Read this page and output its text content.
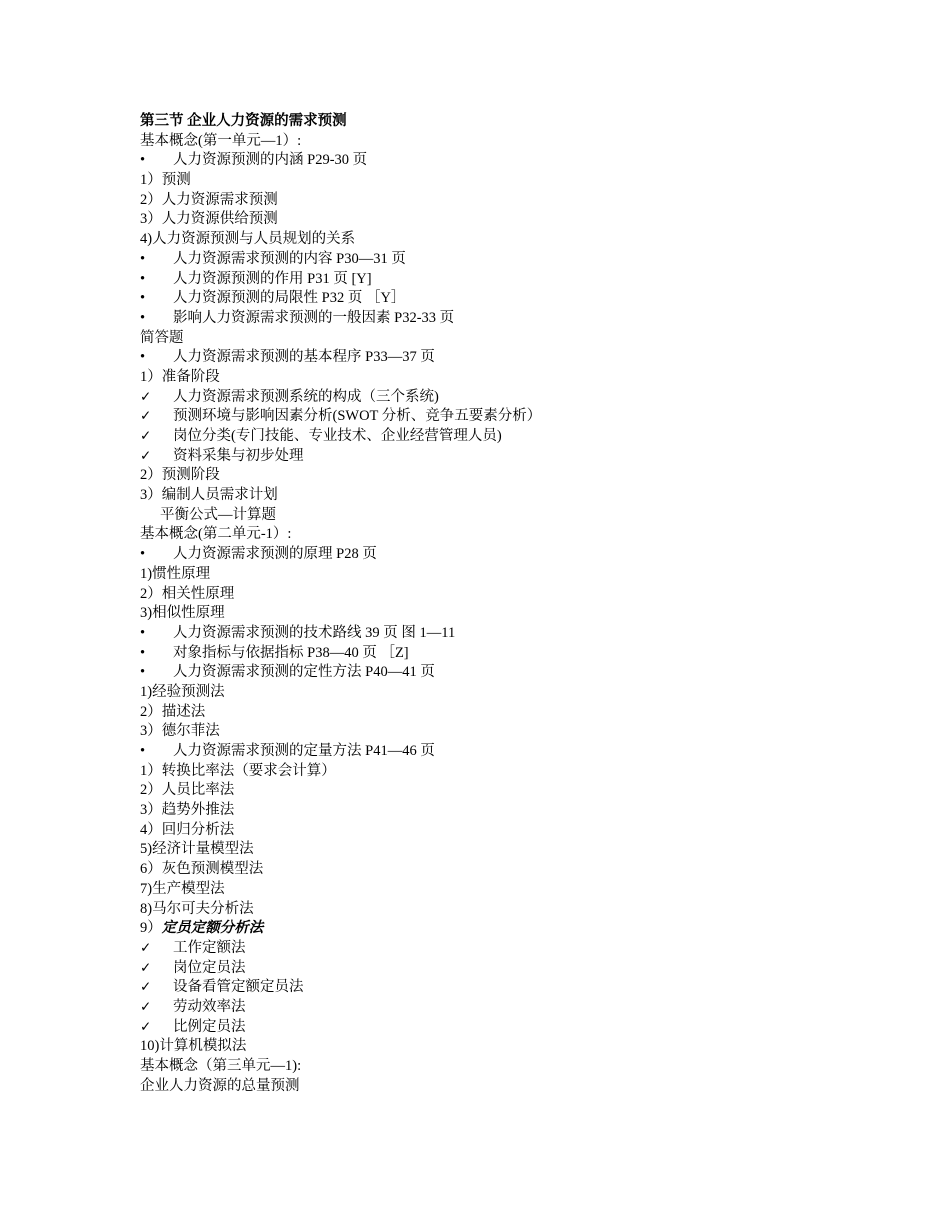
第三节 企业人力资源的需求预测
基本概念(第一单元—1）:
• 人力资源预测的内涵 P29-30 页
1）预测
2）人力资源需求预测
3）人力资源供给预测
4)人力资源预测与人员规划的关系
• 人力资源需求预测的内容 P30—31 页
• 人力资源预测的作用 P31 页 [Y]
• 人力资源预测的局限性 P32 页 ［Y］
• 影响人力资源需求预测的一般因素 P32-33 页
简答题
• 人力资源需求预测的基本程序 P33—37 页
1）准备阶段
✓ 人力资源需求预测系统的构成（三个系统)
✓ 预测环境与影响因素分析(SWOT 分析、竞争五要素分析）
✓ 岗位分类(专门技能、专业技术、企业经营管理人员)
✓ 资料采集与初步处理
2）预测阶段
3）编制人员需求计划
平衡公式—计算题
基本概念(第二单元-1）:
• 人力资源需求预测的原理 P28 页
1)惯性原理
2）相关性原理
3)相似性原理
• 人力资源需求预测的技术路线 39 页 图 1—11
• 对象指标与依据指标 P38—40 页 ［Z]
• 人力资源需求预测的定性方法 P40—41 页
1)经验预测法
2）描述法
3）德尔菲法
• 人力资源需求预测的定量方法 P41—46 页
1）转换比率法（要求会计算）
2）人员比率法
3）趋势外推法
4）回归分析法
5)经济计量模型法
6）灰色预测模型法
7)生产模型法
8)马尔可夫分析法
9）定员定额分析法
✓ 工作定额法
✓ 岗位定员法
✓ 设备看管定额定员法
✓ 劳动效率法
✓ 比例定员法
10)计算机模拟法
基本概念（第三单元—1):
企业人力资源的总量预测
